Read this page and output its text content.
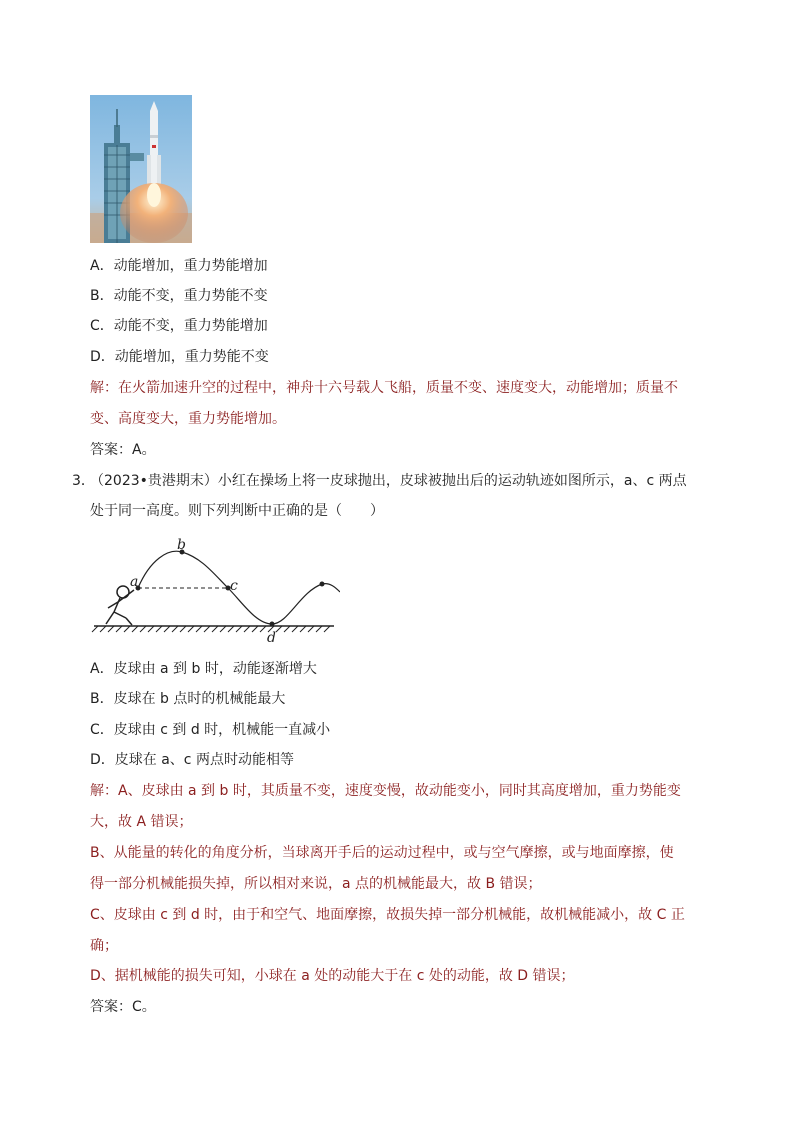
A．动能增加，重力势能增加
B．动能不变，重力势能不变
C．动能不变，重力势能增加
D．动能增加，重力势能不变
解：在火箭加速升空的过程中，神舟十六号载人飞船，质量不变、速度变大，动能增加；质量不
变、高度变大，重力势能增加。
答案：A。
3．
（2023•贵港期末）小红在操场上将一皮球抛出，皮球被抛出后的运动轨迹如图所示，a、c 两点
处于同一高度。则下列判断中正确的是（　　）
a
b
c
d
A．皮球由 a 到 b 时，动能逐渐增大
B．皮球在 b 点时的机械能最大
C．皮球由 c 到 d 时，机械能一直减小
D．皮球在 a、c 两点时动能相等
解：A、皮球由 a 到 b 时，其质量不变，速度变慢，故动能变小，同时其高度增加，重力势能变
大，故 A 错误；
B、从能量的转化的角度分析，当球离开手后的运动过程中，或与空气摩擦，或与地面摩擦，使
得一部分机械能损失掉，所以相对来说，a 点的机械能最大，故 B 错误；
C、皮球由 c 到 d 时，由于和空气、地面摩擦，故损失掉一部分机械能，故机械能减小，故 C 正
确；
D、据机械能的损失可知，小球在 a 处的动能大于在 c 处的动能，故 D 错误；
答案：C。
